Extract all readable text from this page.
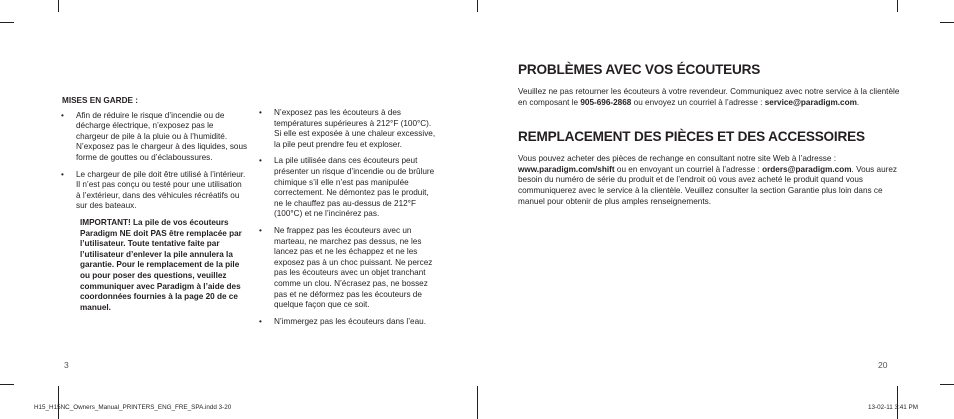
MISES EN GARDE :
• Afin de réduire le risque d’incendie ou de décharge électrique, n’exposez pas le chargeur de pile à la pluie ou à l’humidité. N’exposez pas le chargeur à des liquides, sous forme de gouttes ou d’éclaboussures.
• Le chargeur de pile doit être utilisé à l’intérieur. Il n’est pas conçu ou testé pour une utilisation à l’extérieur, dans des véhicules récréatifs ou sur des bateaux.
IMPORTANT! La pile de vos écouteurs Paradigm NE doit PAS être remplacée par l’utilisateur. Toute tentative faite par l’utilisateur d’enlever la pile annulera la garantie. Pour le remplacement de la pile ou pour poser des questions, veuillez communiquer avec Paradigm à l’aide des coordonnées fournies à la page 20 de ce manuel.
• N’exposez pas les écouteurs à des températures supérieures à 212°F (100°C). Si elle est exposée à une chaleur excessive, la pile peut prendre feu et exploser.
• La pile utilisée dans ces écouteurs peut présenter un risque d’incendie ou de brûlure chimique s’il elle n’est pas manipulée correctement. Ne démontez pas le produit, ne le chauffez pas au-dessus de 212°F (100°C) et ne l’incinérez pas.
• Ne frappez pas les écouteurs avec un marteau, ne marchez pas dessus, ne les lancez pas et ne les échappez et ne les exposez pas à un choc puissant. Ne percez pas les écouteurs avec un objet tranchant comme un clou. N’écrasez pas, ne bossez pas et ne déformez pas les écouteurs de quelque façon que ce soit.
• N’immergez pas les écouteurs dans l’eau.
PROBLÈMES AVEC VOS ÉCOUTEURS

Veuillez ne pas retourner les écouteurs à votre revendeur. Communiquez avec notre service à la clientèle en composant le 905-696-2868 ou envoyez un courriel à l’adresse : service@paradigm.com.

REMPLACEMENT DES PIÈCES ET DES ACCESSOIRES

Vous pouvez acheter des pièces de rechange en consultant notre site Web à l’adresse : www.paradigm.com/shift ou en envoyant un courriel à l’adresse : orders@paradigm.com. Vous aurez besoin du numéro de série du produit et de l’endroit où vous avez acheté le produit quand vous communiquerez avec le service à la clientèle. Veuillez consulter la section Garantie plus loin dans ce manuel pour obtenir de plus amples renseignements.

3	20
H15_H15NC_Owners_Manual_PRINTERS_ENG_FRE_SPA.indd 3-20	13-02-11 3:41 PM
